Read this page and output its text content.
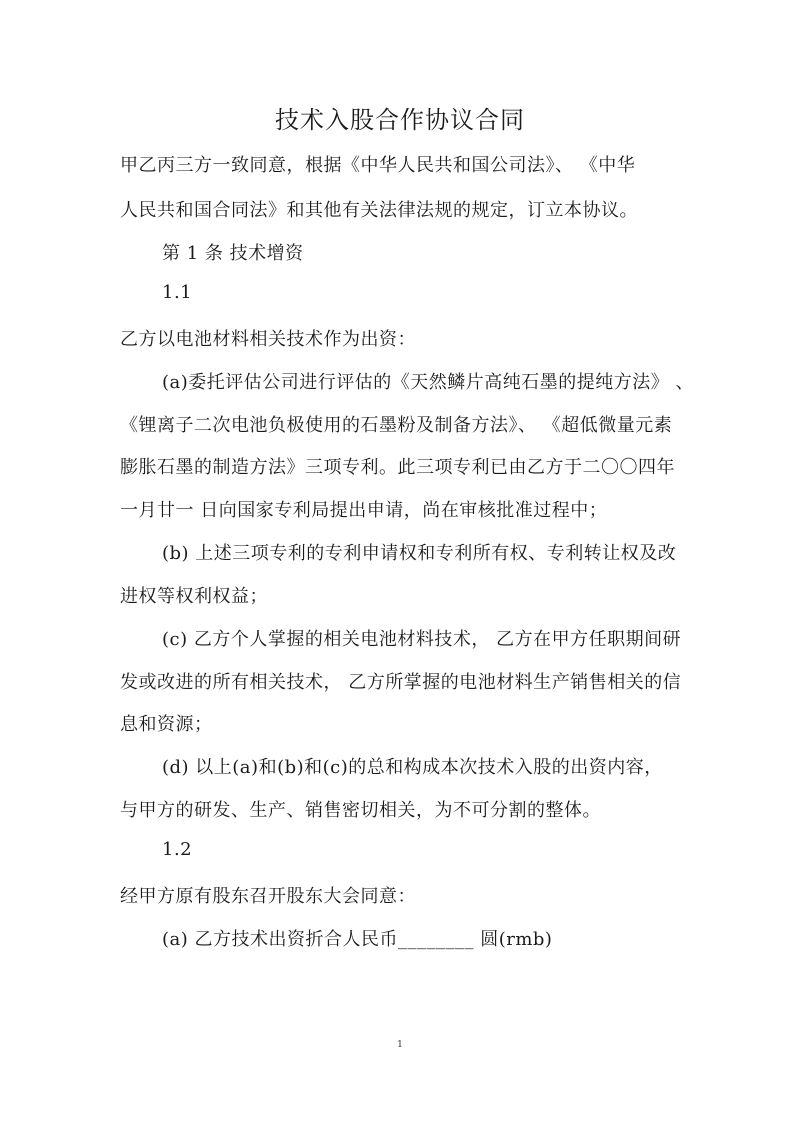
技术入股合作协议合同
甲乙丙三方一致同意，根据《中华人民共和国公司法》、 《中华
人民共和国合同法》和其他有关法律法规的规定，订立本协议。
第 1 条 技术增资
1.1
乙方以电池材料相关技术作为出资：
(a)委托评估公司进行评估的《天然鳞片高纯石墨的提纯方法》 、
《锂离子二次电池负极使用的石墨粉及制备方法》、 《超低微量元素
膨胀石墨的制造方法》三项专利。此三项专利已由乙方于二〇〇四年
一月廿一 日向国家专利局提出申请，尚在审核批准过程中；
(b) 上述三项专利的专利申请权和专利所有权、专利转让权及改
进权等权利权益；
(c) 乙方个人掌握的相关电池材料技术， 乙方在甲方任职期间研
发或改进的所有相关技术， 乙方所掌握的电池材料生产销售相关的信
息和资源；
(d) 以上(a)和(b)和(c)的总和构成本次技术入股的出资内容，
与甲方的研发、生产、销售密切相关，为不可分割的整体。
1.2
经甲方原有股东召开股东大会同意：
(a) 乙方技术出资折合人民币________ 圆(rmb)
1
